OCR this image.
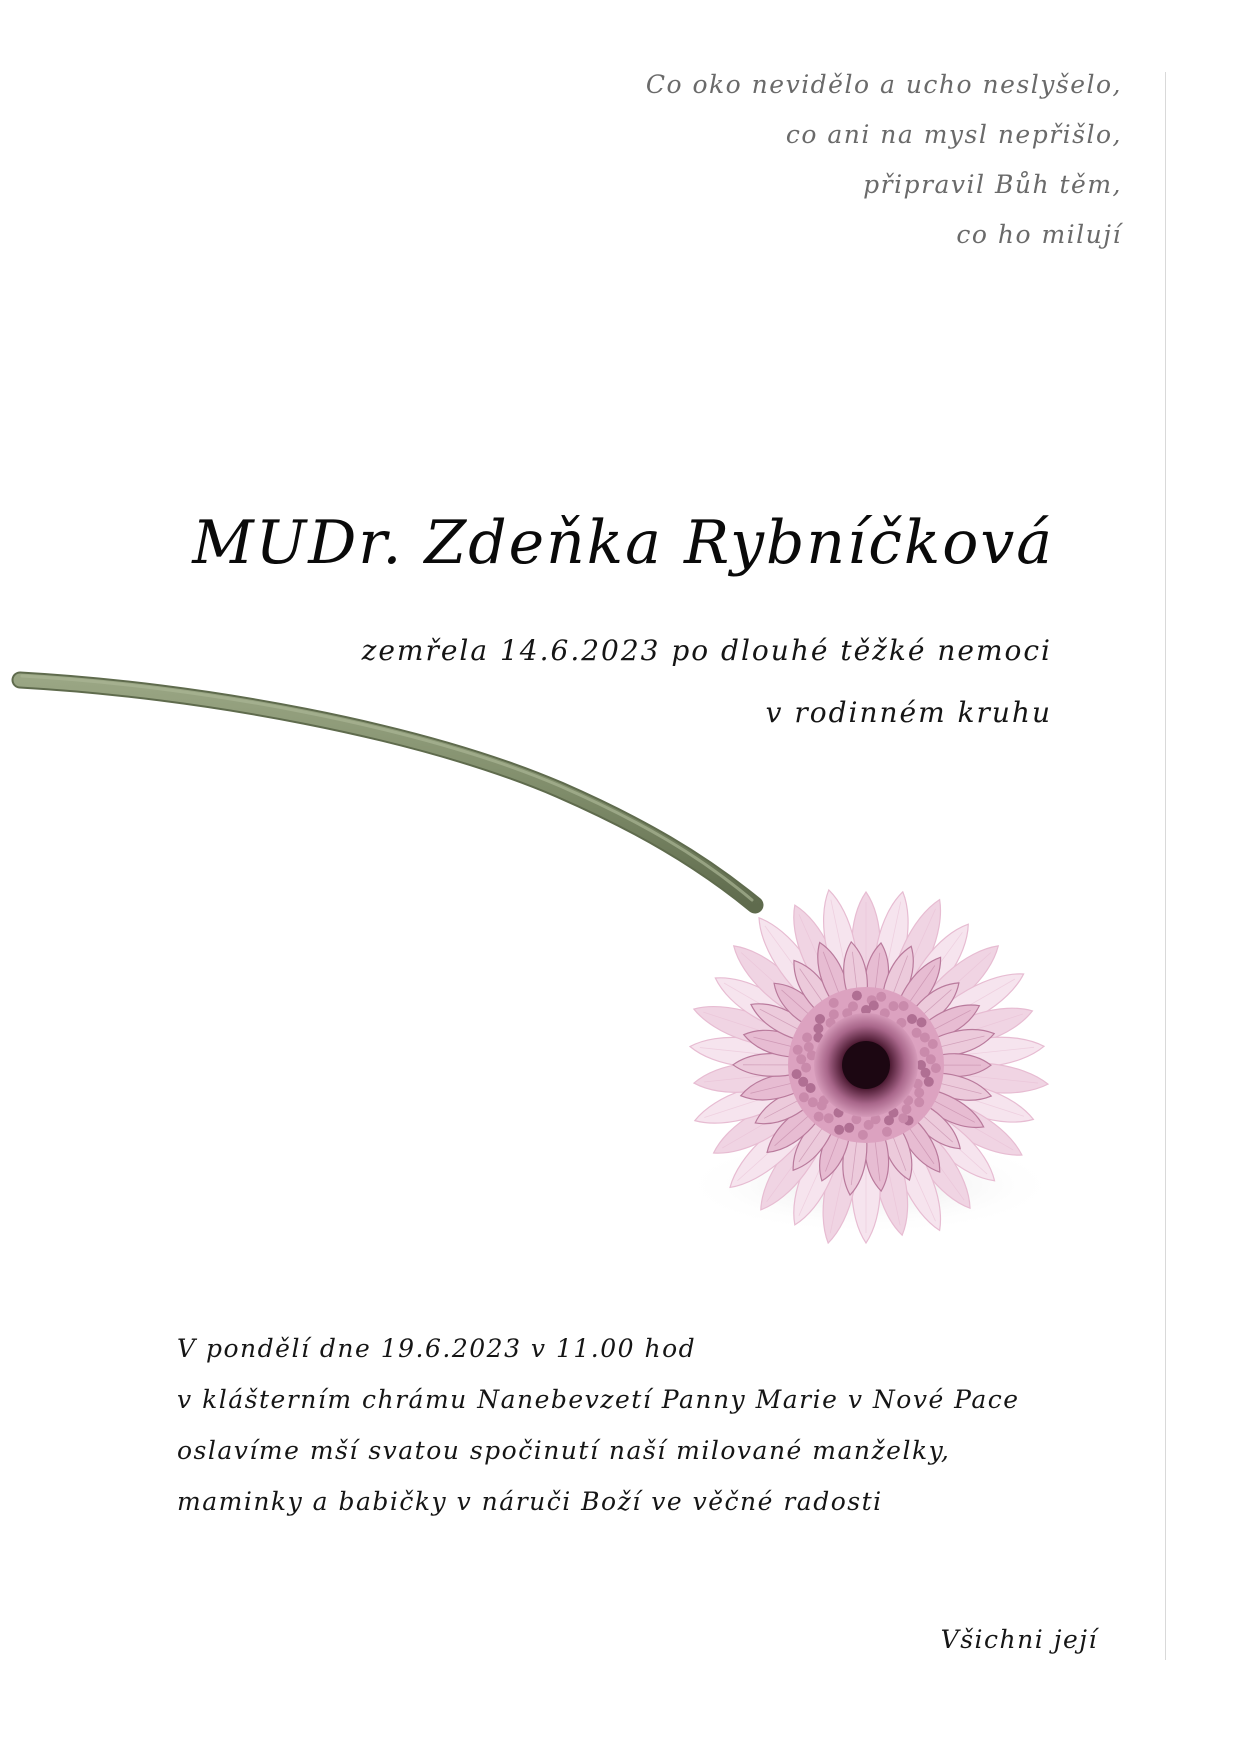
Co oko nevidělo a ucho neslyšelo,
co ani na mysl nepřišlo,
připravil Bůh těm,
co ho milují
MUDr. Zdeňka Rybníčková
zemřela 14.6.2023 po dlouhé těžké nemoci
v rodinném kruhu
V pondělí dne 19.6.2023 v 11.00 hod
v klášterním chrámu Nanebevzetí Panny Marie v Nové Pace
oslavíme mší svatou spočinutí naší milované manželky,
maminky a babičky v náruči Boží ve věčné radosti
Všichni její
